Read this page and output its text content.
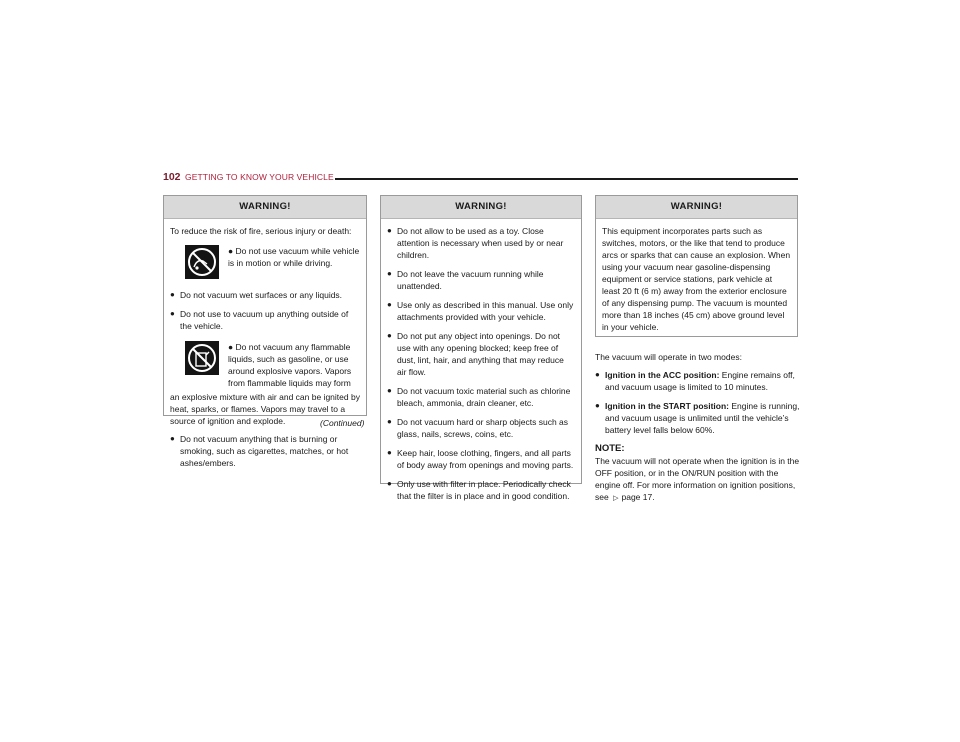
102 GETTING TO KNOW YOUR VEHICLE
WARNING!
To reduce the risk of fire, serious injury or death:
● Do not use vacuum while vehicle is in motion or while driving.
● Do not vacuum wet surfaces or any liquids.
● Do not use to vacuum up anything outside of the vehicle.
● Do not vacuum any flammable liquids, such as gasoline, or use around explosive vapors. Vapors from flammable liquids may form
an explosive mixture with air and can be ignited by heat, sparks, or flames. Vapors may travel to a source of ignition and explode.
● Do not vacuum anything that is burning or smoking, such as cigarettes, matches, or hot ashes/embers.
(Continued)
WARNING!
● Do not allow to be used as a toy. Close attention is necessary when used by or near children.
● Do not leave the vacuum running while unattended.
● Use only as described in this manual. Use only attachments provided with your vehicle.
● Do not put any object into openings. Do not use with any opening blocked; keep free of dust, lint, hair, and anything that may reduce air flow.
● Do not vacuum toxic material such as chlorine bleach, ammonia, drain cleaner, etc.
● Do not vacuum hard or sharp objects such as glass, nails, screws, coins, etc.
● Keep hair, loose clothing, fingers, and all parts of body away from openings and moving parts.
● Only use with filter in place. Periodically check that the filter is in place and in good condition.
WARNING!
This equipment incorporates parts such as switches, motors, or the like that tend to produce arcs or sparks that can cause an explosion. When using your vacuum near gasoline-dispensing equipment or service stations, park vehicle at least 20 ft (6 m) away from the exterior enclosure of any dispensing pump. The vacuum is mounted more than 18 inches (45 cm) above ground level in your vehicle.
The vacuum will operate in two modes:
● Ignition in the ACC position: Engine remains off, and vacuum usage is limited to 10 minutes.
● Ignition in the START position: Engine is running, and vacuum usage is unlimited until the vehicle’s battery level falls below 60%.
NOTE:
The vacuum will not operate when the ignition is in the OFF position, or in the ON/RUN position with the engine off. For more information on ignition positions, see ▷ page 17.
